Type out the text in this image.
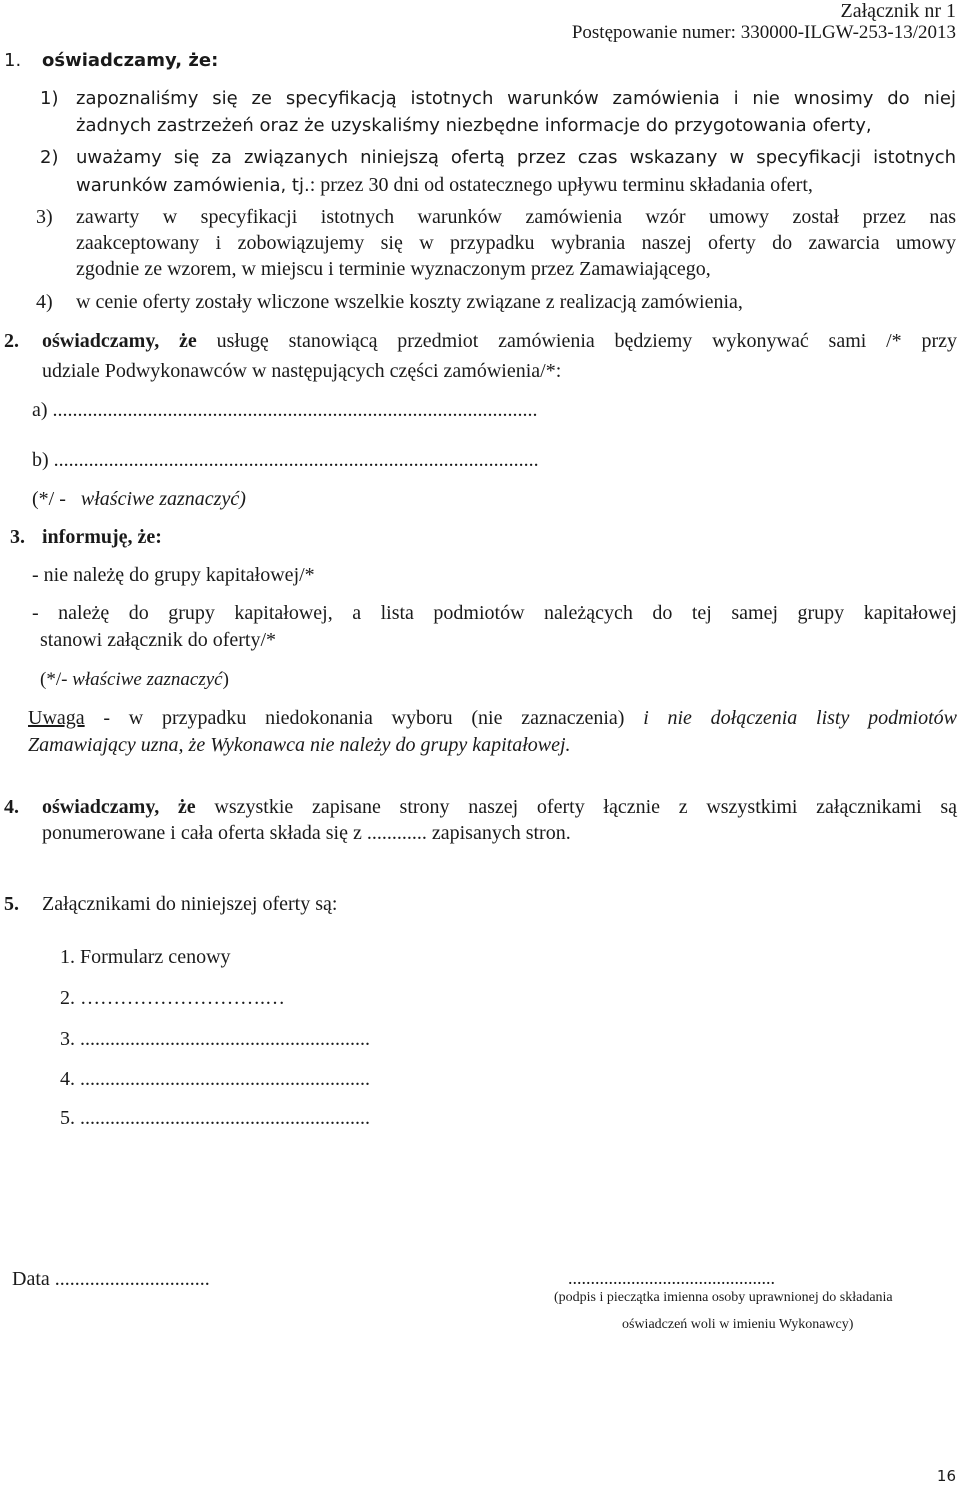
Załącznik nr 1
Postępowanie numer: 330000-ILGW-253-13/2013
1. oświadczamy, że:
1) zapoznaliśmy się ze specyfikacją istotnych warunków zamówienia i nie wnosimy do niej
żadnych zastrzeżeń oraz że uzyskaliśmy niezbędne informacje do przygotowania oferty,
2) uważamy się za związanych niniejszą ofertą przez czas wskazany w specyfikacji istotnych
warunków zamówienia, tj.: przez 30 dni od ostatecznego upływu terminu składania ofert,
3) zawarty w specyfikacji istotnych warunków zamówienia wzór umowy został przez nas
zaakceptowany i zobowiązujemy się w przypadku wybrania naszej oferty do zawarcia umowy
zgodnie ze wzorem, w miejscu i terminie wyznaczonym przez Zamawiającego,
4) w cenie oferty zostały wliczone wszelkie koszty związane z realizacją zamówienia,
2. oświadczamy, że usługę stanowiącą przedmiot zamówienia będziemy wykonywać sami /* przy
udziale Podwykonawców w następujących części zamówienia/*:
a) .................................................................................................
b) .................................................................................................
(*/ - właściwe zaznaczyć)
3. informuję, że:
- nie należę do grupy kapitałowej/*
- należę do grupy kapitałowej, a lista podmiotów należących do tej samej grupy kapitałowej
stanowi załącznik do oferty/*
(*/- właściwe zaznaczyć)
Uwaga - w przypadku niedokonania wyboru (nie zaznaczenia) i nie dołączenia listy podmiotów
Zamawiający uzna, że Wykonawca nie należy do grupy kapitałowej.
4. oświadczamy, że wszystkie zapisane strony naszej oferty łącznie z wszystkimi załącznikami są
ponumerowane i cała oferta składa się z ............ zapisanych stron.
5. Załącznikami do niniejszej oferty są:
1. Formularz cenowy
2. ……………………….…
3. ..........................................................
4. ..........................................................
5. ..........................................................
Data ...............................	..............................................
(podpis i pieczątka imienna osoby uprawnionej do składania
oświadczeń woli w imieniu Wykonawcy)
16
